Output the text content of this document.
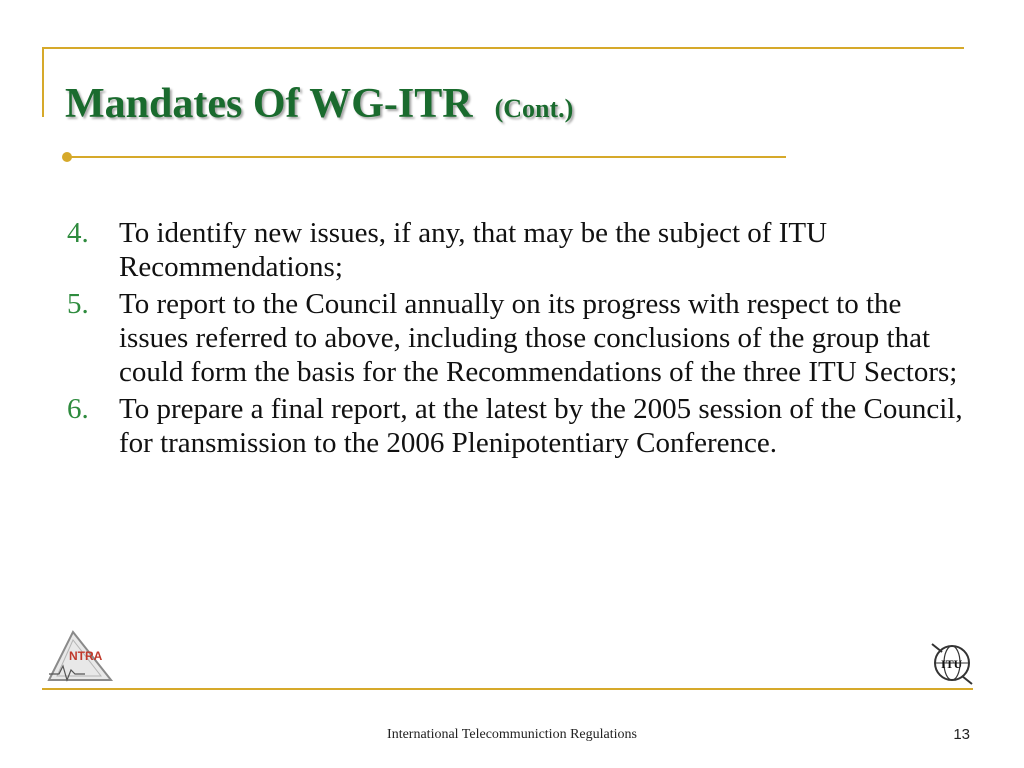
Mandates Of WG-ITR (Cont.)
4. To identify new issues, if any, that may be the subject of ITU Recommendations;
5. To report to the Council annually on its progress with respect to the issues referred to above, including those conclusions of the group that could form the basis for the Recommendations of the three ITU Sectors;
6. To prepare a final report, at the latest by the 2005 session of the Council, for transmission to the 2006 Plenipotentiary Conference.
NTRA
ITU
International Telecommuniction Regulations	13
